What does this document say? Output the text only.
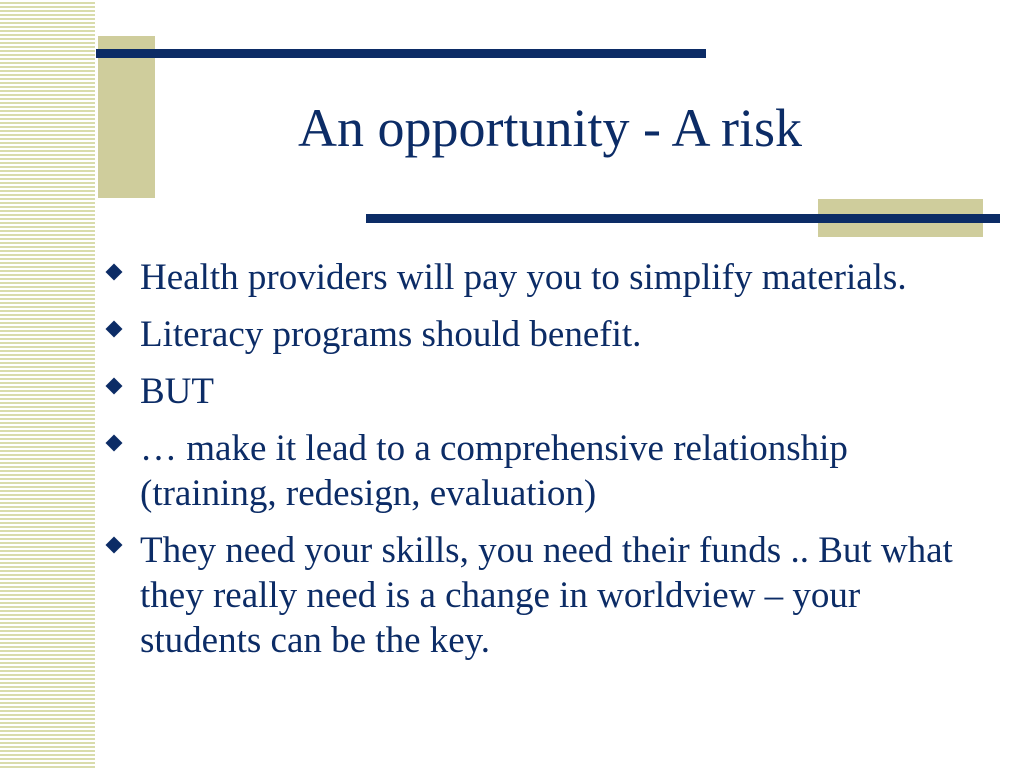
An opportunity - A risk
Health providers will pay you to simplify materials.
Literacy programs should benefit.
BUT
… make it lead to a comprehensive relationship (training, redesign, evaluation)
They need your skills, you need their funds .. But what they really need is a change in worldview – your students can be the key.
